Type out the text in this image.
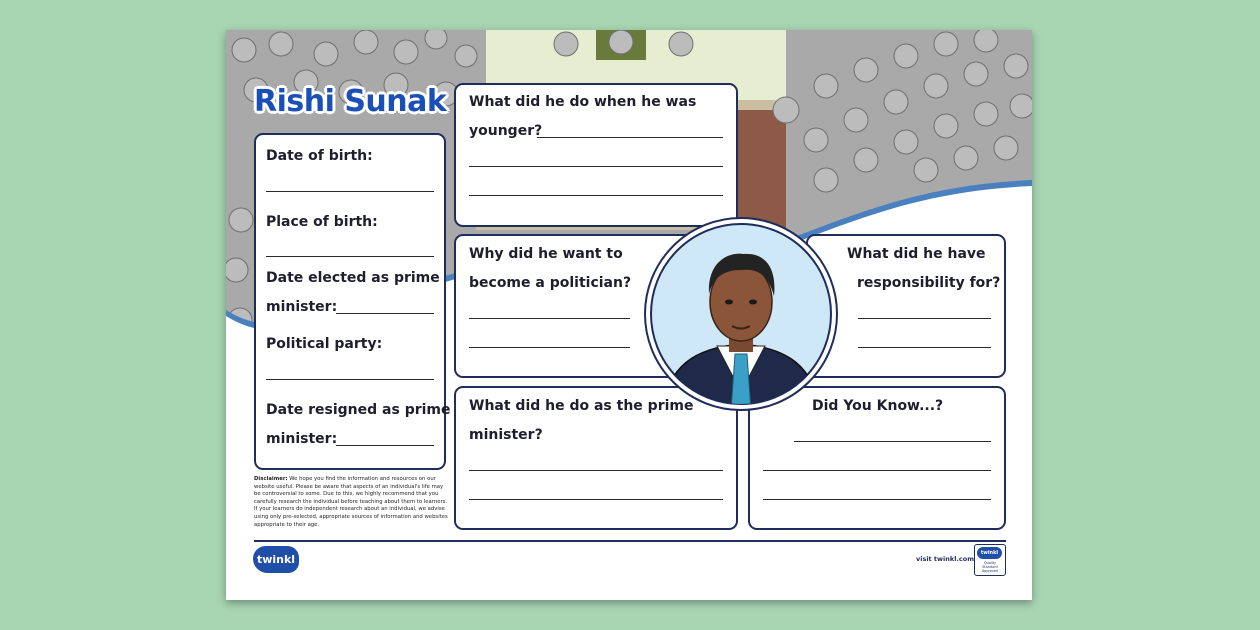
Rishi Sunak
Date of birth:
Place of birth:
Date elected as prime
minister:
Political party:
Date resigned as prime
minister:
What did he do when he was
younger?
Why did he want to
become a politician?
What did he have
responsibility for?
What did he do as the prime
minister?
Did You Know...?
Disclaimer: We hope you find the information and resources on our website useful. Please be aware that aspects of an individual's life may be controversial to some. Due to this, we highly recommend that you carefully research the individual before teaching about them to learners. If your learners do independent research about an individual, we advise using only pre-selected, appropriate sources of information and websites appropriate to their age.
twinkl	visit twinkl.com
twinkl
Quality Standard Approved
